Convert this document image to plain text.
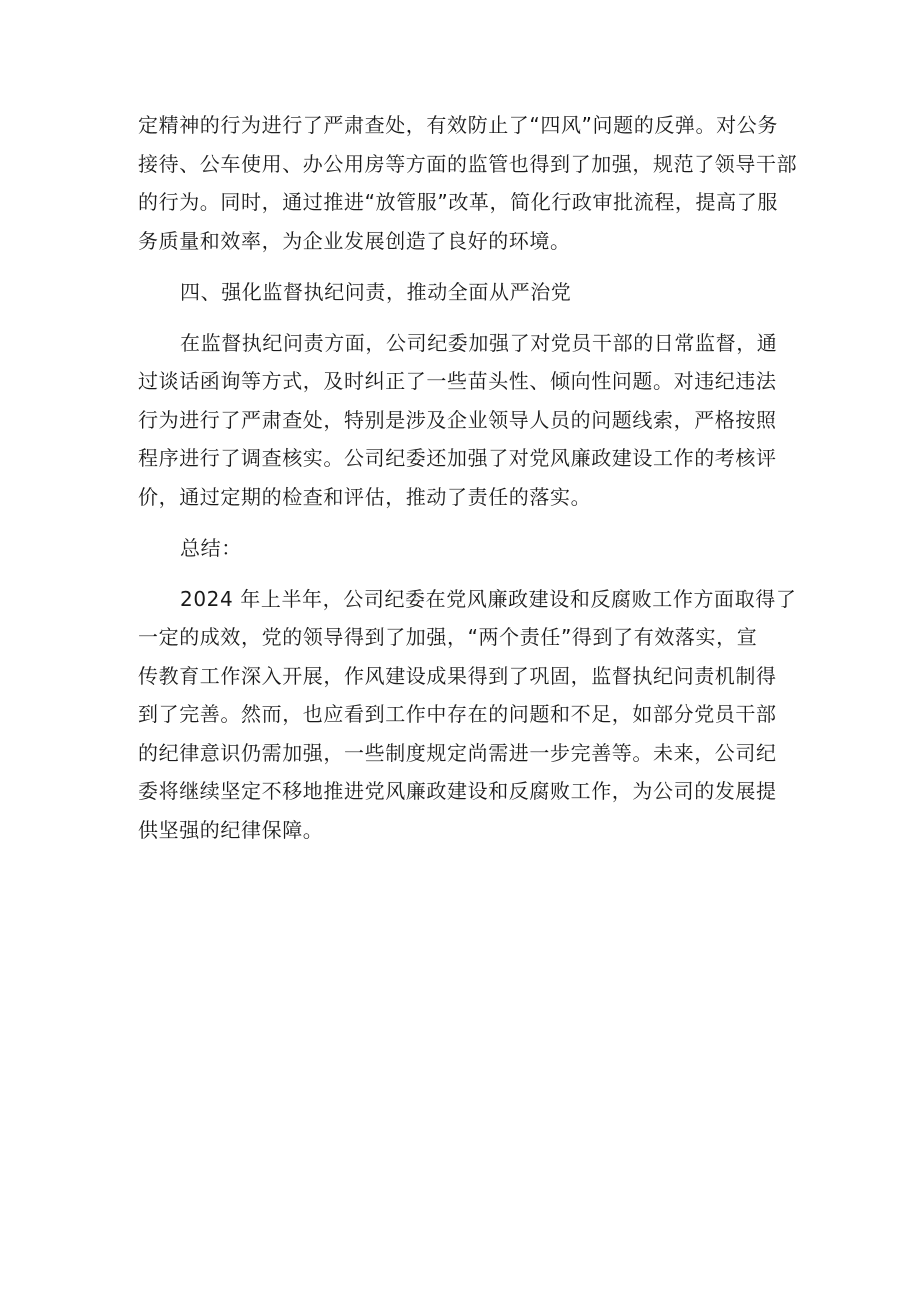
定精神的行为进行了严肃查处，有效防止了“四风”问题的反弹。对公务
接待、公车使用、办公用房等方面的监管也得到了加强，规范了领导干部
的行为。同时，通过推进“放管服”改革，简化行政审批流程，提高了服
务质量和效率，为企业发展创造了良好的环境。
四、强化监督执纪问责，推动全面从严治党
在监督执纪问责方面，公司纪委加强了对党员干部的日常监督，通
过谈话函询等方式，及时纠正了一些苗头性、倾向性问题。对违纪违法
行为进行了严肃查处，特别是涉及企业领导人员的问题线索，严格按照
程序进行了调查核实。公司纪委还加强了对党风廉政建设工作的考核评
价，通过定期的检查和评估，推动了责任的落实。
总结：
2024 年上半年，公司纪委在党风廉政建设和反腐败工作方面取得了
一定的成效，党的领导得到了加强，“两个责任”得到了有效落实，宣
传教育工作深入开展，作风建设成果得到了巩固，监督执纪问责机制得
到了完善。然而，也应看到工作中存在的问题和不足，如部分党员干部
的纪律意识仍需加强，一些制度规定尚需进一步完善等。未来，公司纪
委将继续坚定不移地推进党风廉政建设和反腐败工作，为公司的发展提
供坚强的纪律保障。
